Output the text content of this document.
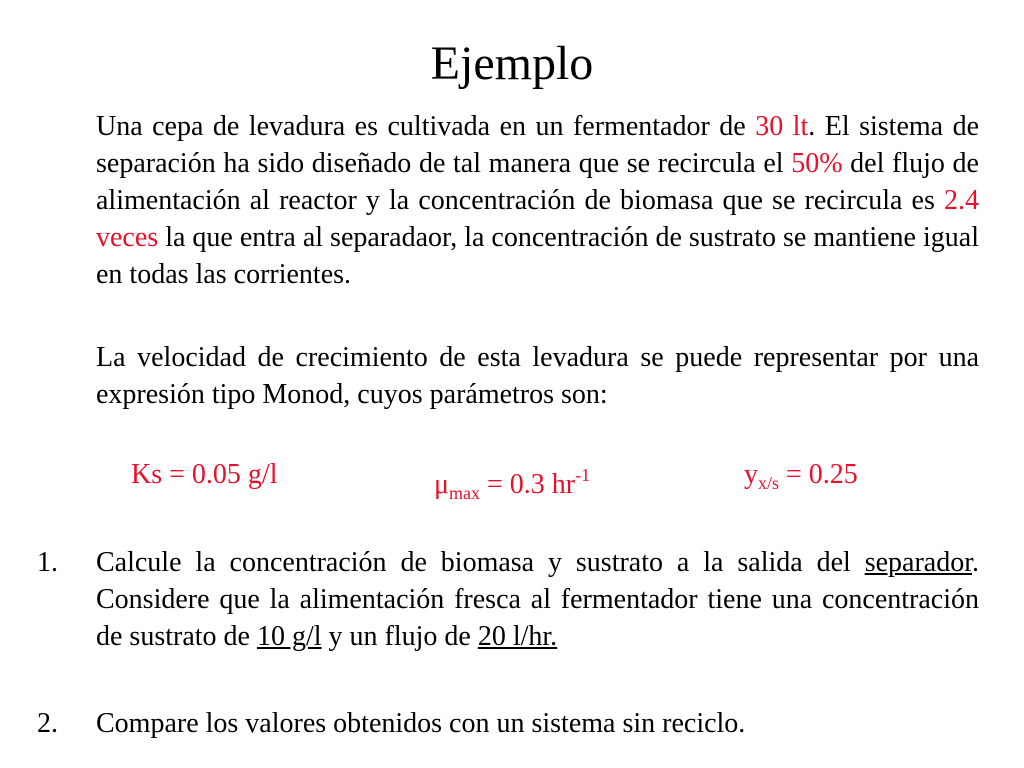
Ejemplo

Una cepa de levadura es cultivada en un fermentador de 30 lt. El sistema de separación ha sido diseñado de tal manera que se recircula el 50% del flujo de alimentación al reactor y la concentración de biomasa que se recircula es 2.4 veces la que entra al separadaor, la concentración de sustrato se mantiene igual en todas las corrientes.

La velocidad de crecimiento de esta levadura se puede representar por una expresión tipo Monod, cuyos parámetros son:

Ks = 0.05 g/l	$\mu_{max} = 0.3$ $hr^{-1}$	$y_{x/s} = 0.25$
1. Calcule la concentración de biomasa y sustrato a la salida del separador. Considere que la alimentación fresca al fermentador tiene una concentración de sustrato de 10 g/l y un flujo de 20 l/hr.
2. Compare los valores obtenidos con un sistema sin reciclo.
